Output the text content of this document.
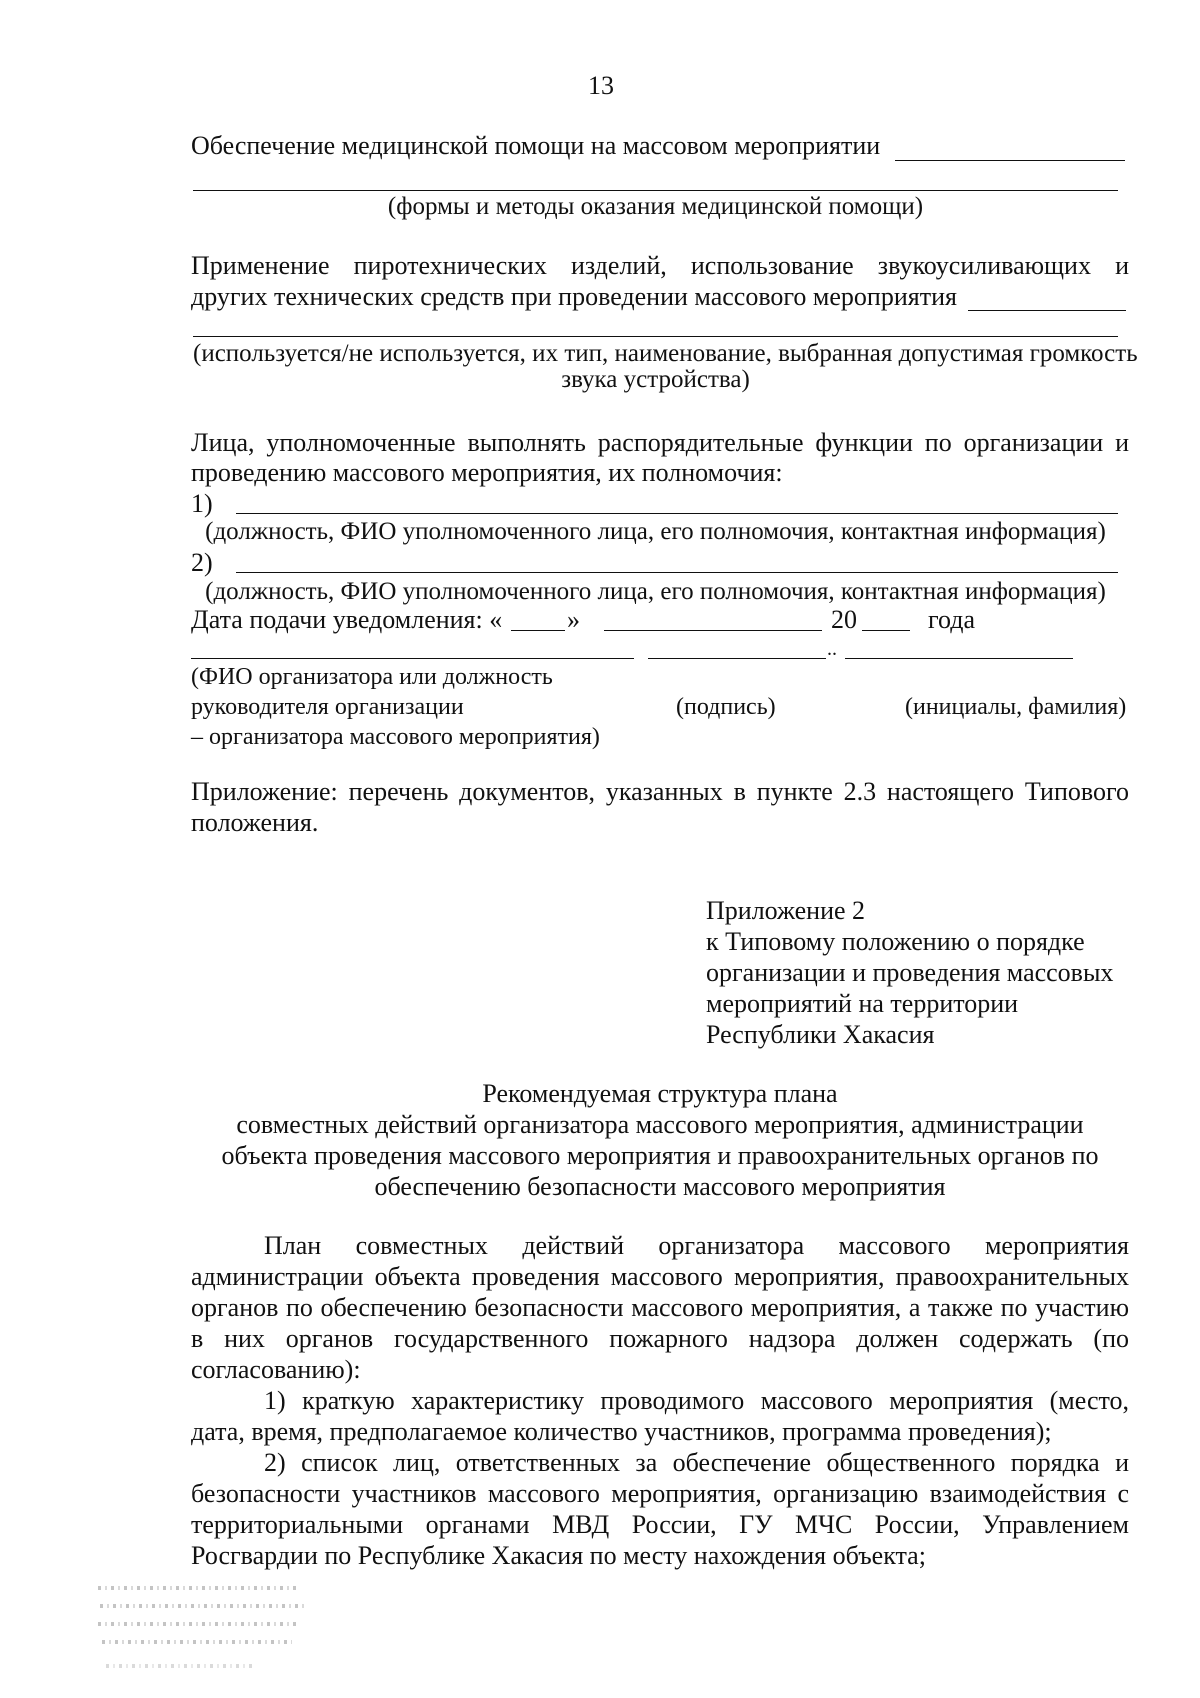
13
Обеспечение медицинской помощи на массовом мероприятии
(формы и методы оказания медицинской помощи)
Применение пиротехнических изделий, использование звукоусиливающих и
других технических средств при проведении массового мероприятия
(используется/не используется, их тип, наименование, выбранная допустимая громкость
звука устройства)
Лица, уполномоченные выполнять распорядительные функции по организации и
проведению массового мероприятия, их полномочия:
1)
(должность, ФИО уполномоченного лица, его полномочия, контактная информация)
2)
(должность, ФИО уполномоченного лица, его полномочия, контактная информация)
Дата подачи уведомления: « »	20	года
..
(ФИО организатора или должность
руководителя организации
– организатора массового мероприятия)
(подпись)	(инициалы, фамилия)
Приложение: перечень документов, указанных в пункте 2.3 настоящего Типового
положения.
Приложение 2
к Типовому положению о порядке
организации и проведения массовых
мероприятий на территории
Республики Хакасия
Рекомендуемая структура плана
совместных действий организатора массового мероприятия, администрации
объекта проведения массового мероприятия и правоохранительных органов по
обеспечению безопасности массового мероприятия
План совместных действий организатора массового мероприятия
администрации объекта проведения массового мероприятия, правоохранительных
органов по обеспечению безопасности массового мероприятия, а также по участию
в них органов государственного пожарного надзора должен содержать (по
согласованию):
1) краткую характеристику проводимого массового мероприятия (место,
дата, время, предполагаемое количество участников, программа проведения);
2) список лиц, ответственных за обеспечение общественного порядка и
безопасности участников массового мероприятия, организацию взаимодействия с
территориальными органами МВД России, ГУ МЧС России, Управлением
Росгвардии по Республике Хакасия по месту нахождения объекта;
